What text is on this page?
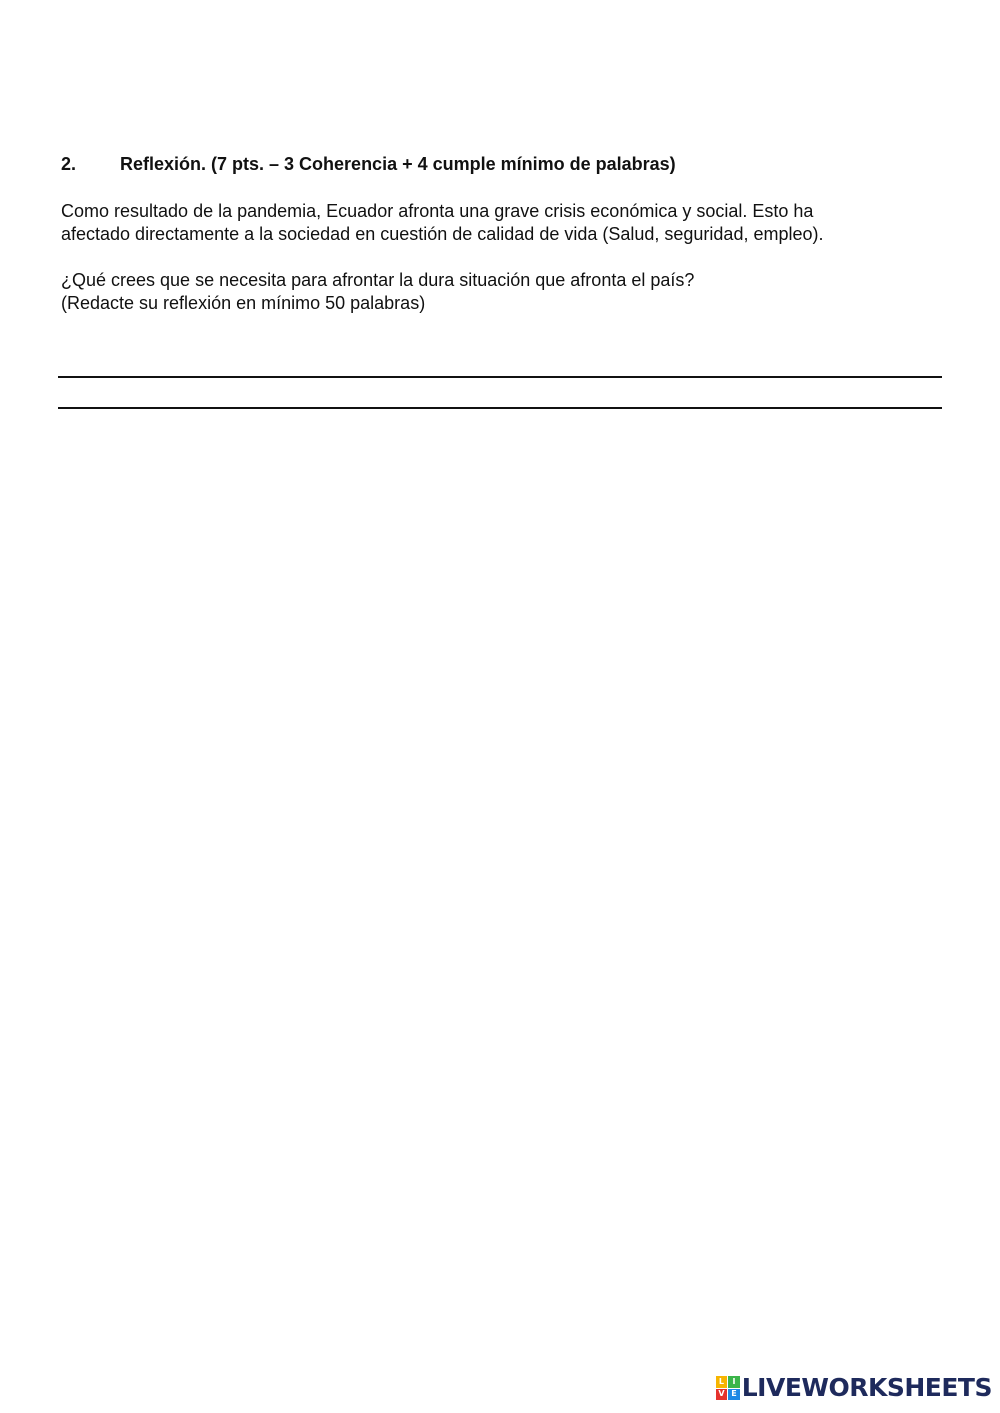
2. Reflexión. (7 pts. – 3 Coherencia + 4 cumple mínimo de palabras)
Como resultado de la pandemia, Ecuador afronta una grave crisis económica y social. Esto ha
afectado directamente a la sociedad en cuestión de calidad de vida (Salud, seguridad, empleo).
¿Qué crees que se necesita para afrontar la dura situación que afronta el país?
(Redacte su reflexión en mínimo 50 palabras)
L	I
V E LIVEWORKSHEETS
